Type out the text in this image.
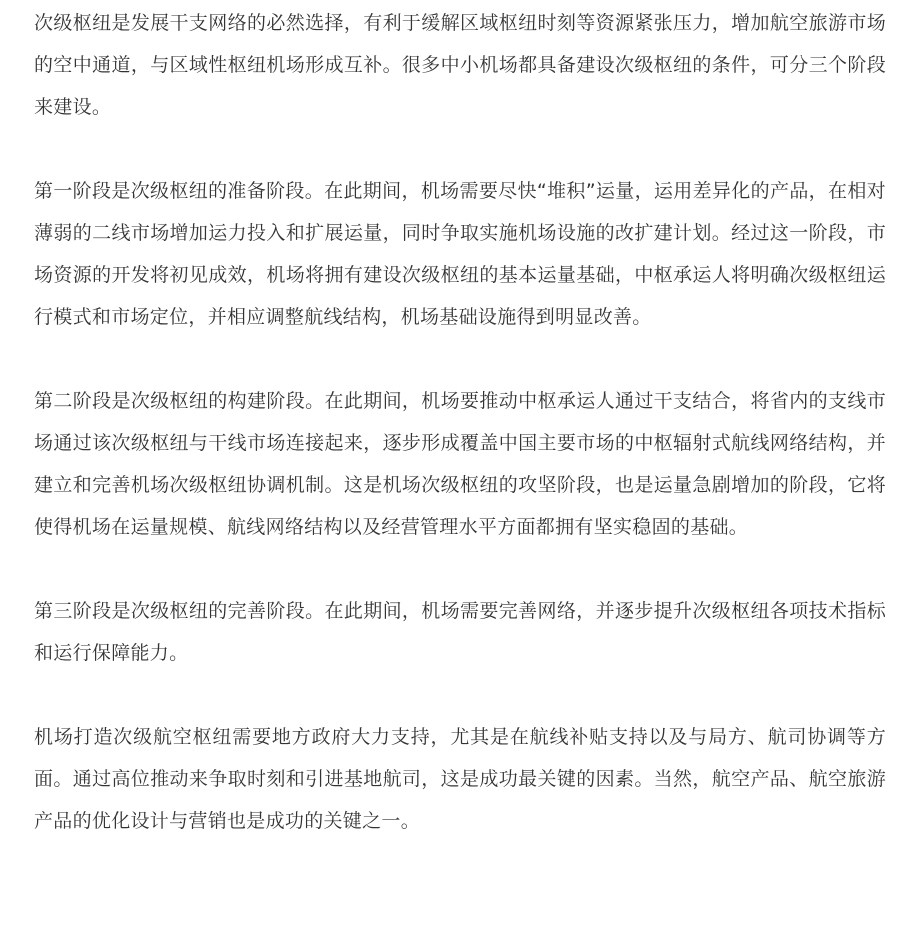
次级枢纽是发展干支网络的必然选择，有利于缓解区域枢纽时刻等资源紧张压力，增加航空旅游市场的空中通道，与区域性枢纽机场形成互补。很多中小机场都具备建设次级枢纽的条件，可分三个阶段来建设。

第一阶段是次级枢纽的准备阶段。在此期间，机场需要尽快“堆积”运量，运用差异化的产品，在相对薄弱的二线市场增加运力投入和扩展运量，同时争取实施机场设施的改扩建计划。经过这一阶段，市场资源的开发将初见成效，机场将拥有建设次级枢纽的基本运量基础，中枢承运人将明确次级枢纽运行模式和市场定位，并相应调整航线结构，机场基础设施得到明显改善。

第二阶段是次级枢纽的构建阶段。在此期间，机场要推动中枢承运人通过干支结合，将省内的支线市场通过该次级枢纽与干线市场连接起来，逐步形成覆盖中国主要市场的中枢辐射式航线网络结构，并建立和完善机场次级枢纽协调机制。这是机场次级枢纽的攻坚阶段，也是运量急剧增加的阶段，它将使得机场在运量规模、航线网络结构以及经营管理水平方面都拥有坚实稳固的基础。

第三阶段是次级枢纽的完善阶段。在此期间，机场需要完善网络，并逐步提升次级枢纽各项技术指标和运行保障能力。

机场打造次级航空枢纽需要地方政府大力支持，尤其是在航线补贴支持以及与局方、航司协调等方面。通过高位推动来争取时刻和引进基地航司，这是成功最关键的因素。当然，航空产品、航空旅游产品的优化设计与营销也是成功的关键之一。
